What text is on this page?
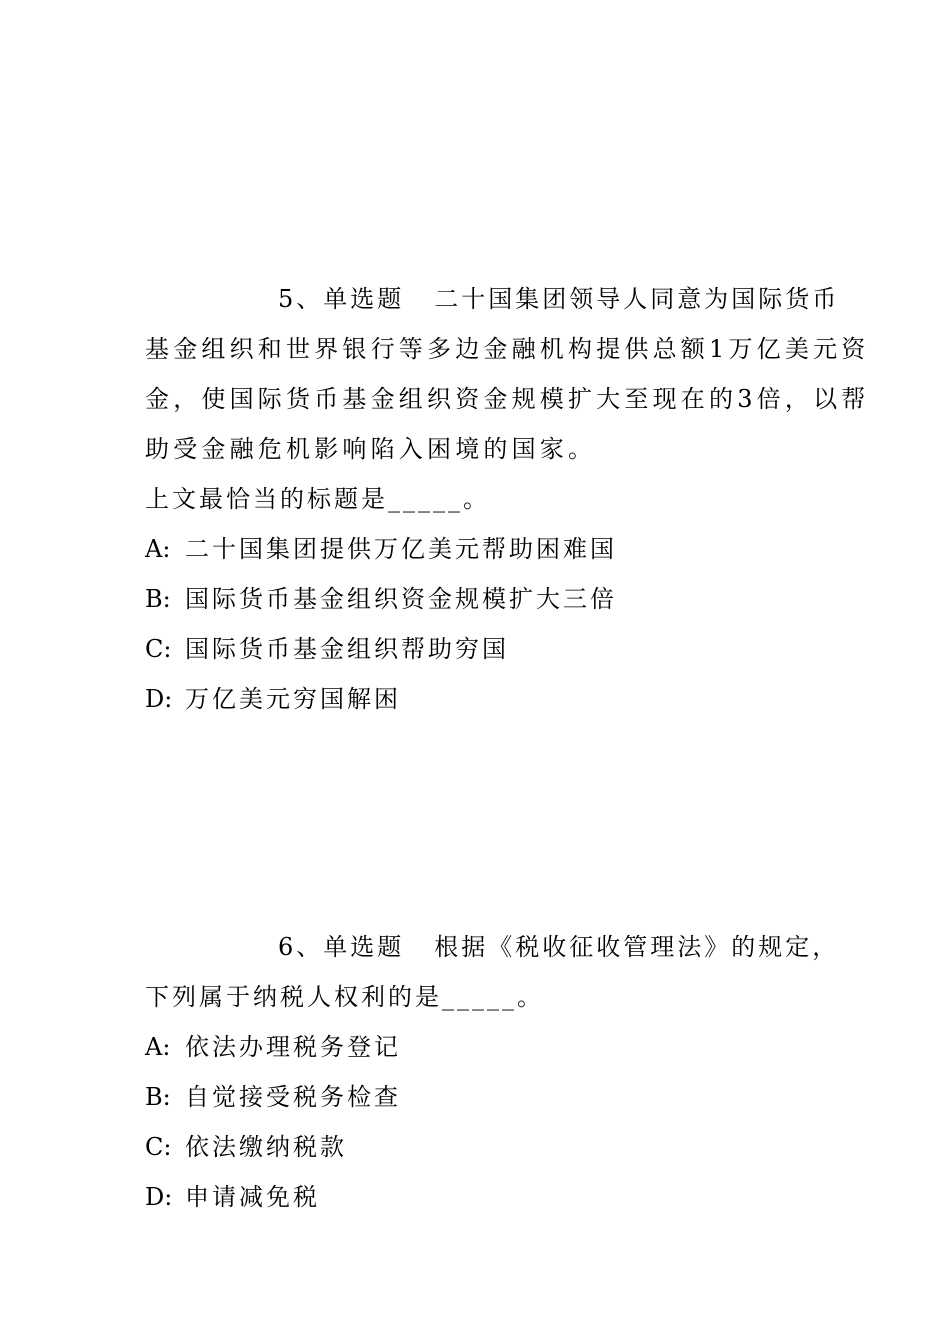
5、单选题 二十国集团领导人同意为国际货币
基金组织和世界银行等多边金融机构提供总额1万亿美元资
金，使国际货币基金组织资金规模扩大至现在的3倍，以帮
助受金融危机影响陷入困境的国家。
上文最恰当的标题是_____。
A: 二十国集团提供万亿美元帮助困难国
B: 国际货币基金组织资金规模扩大三倍
C: 国际货币基金组织帮助穷国
D: 万亿美元穷国解困
6、单选题 根据《税收征收管理法》的规定，
下列属于纳税人权利的是_____。
A: 依法办理税务登记
B: 自觉接受税务检查
C: 依法缴纳税款
D: 申请减免税
